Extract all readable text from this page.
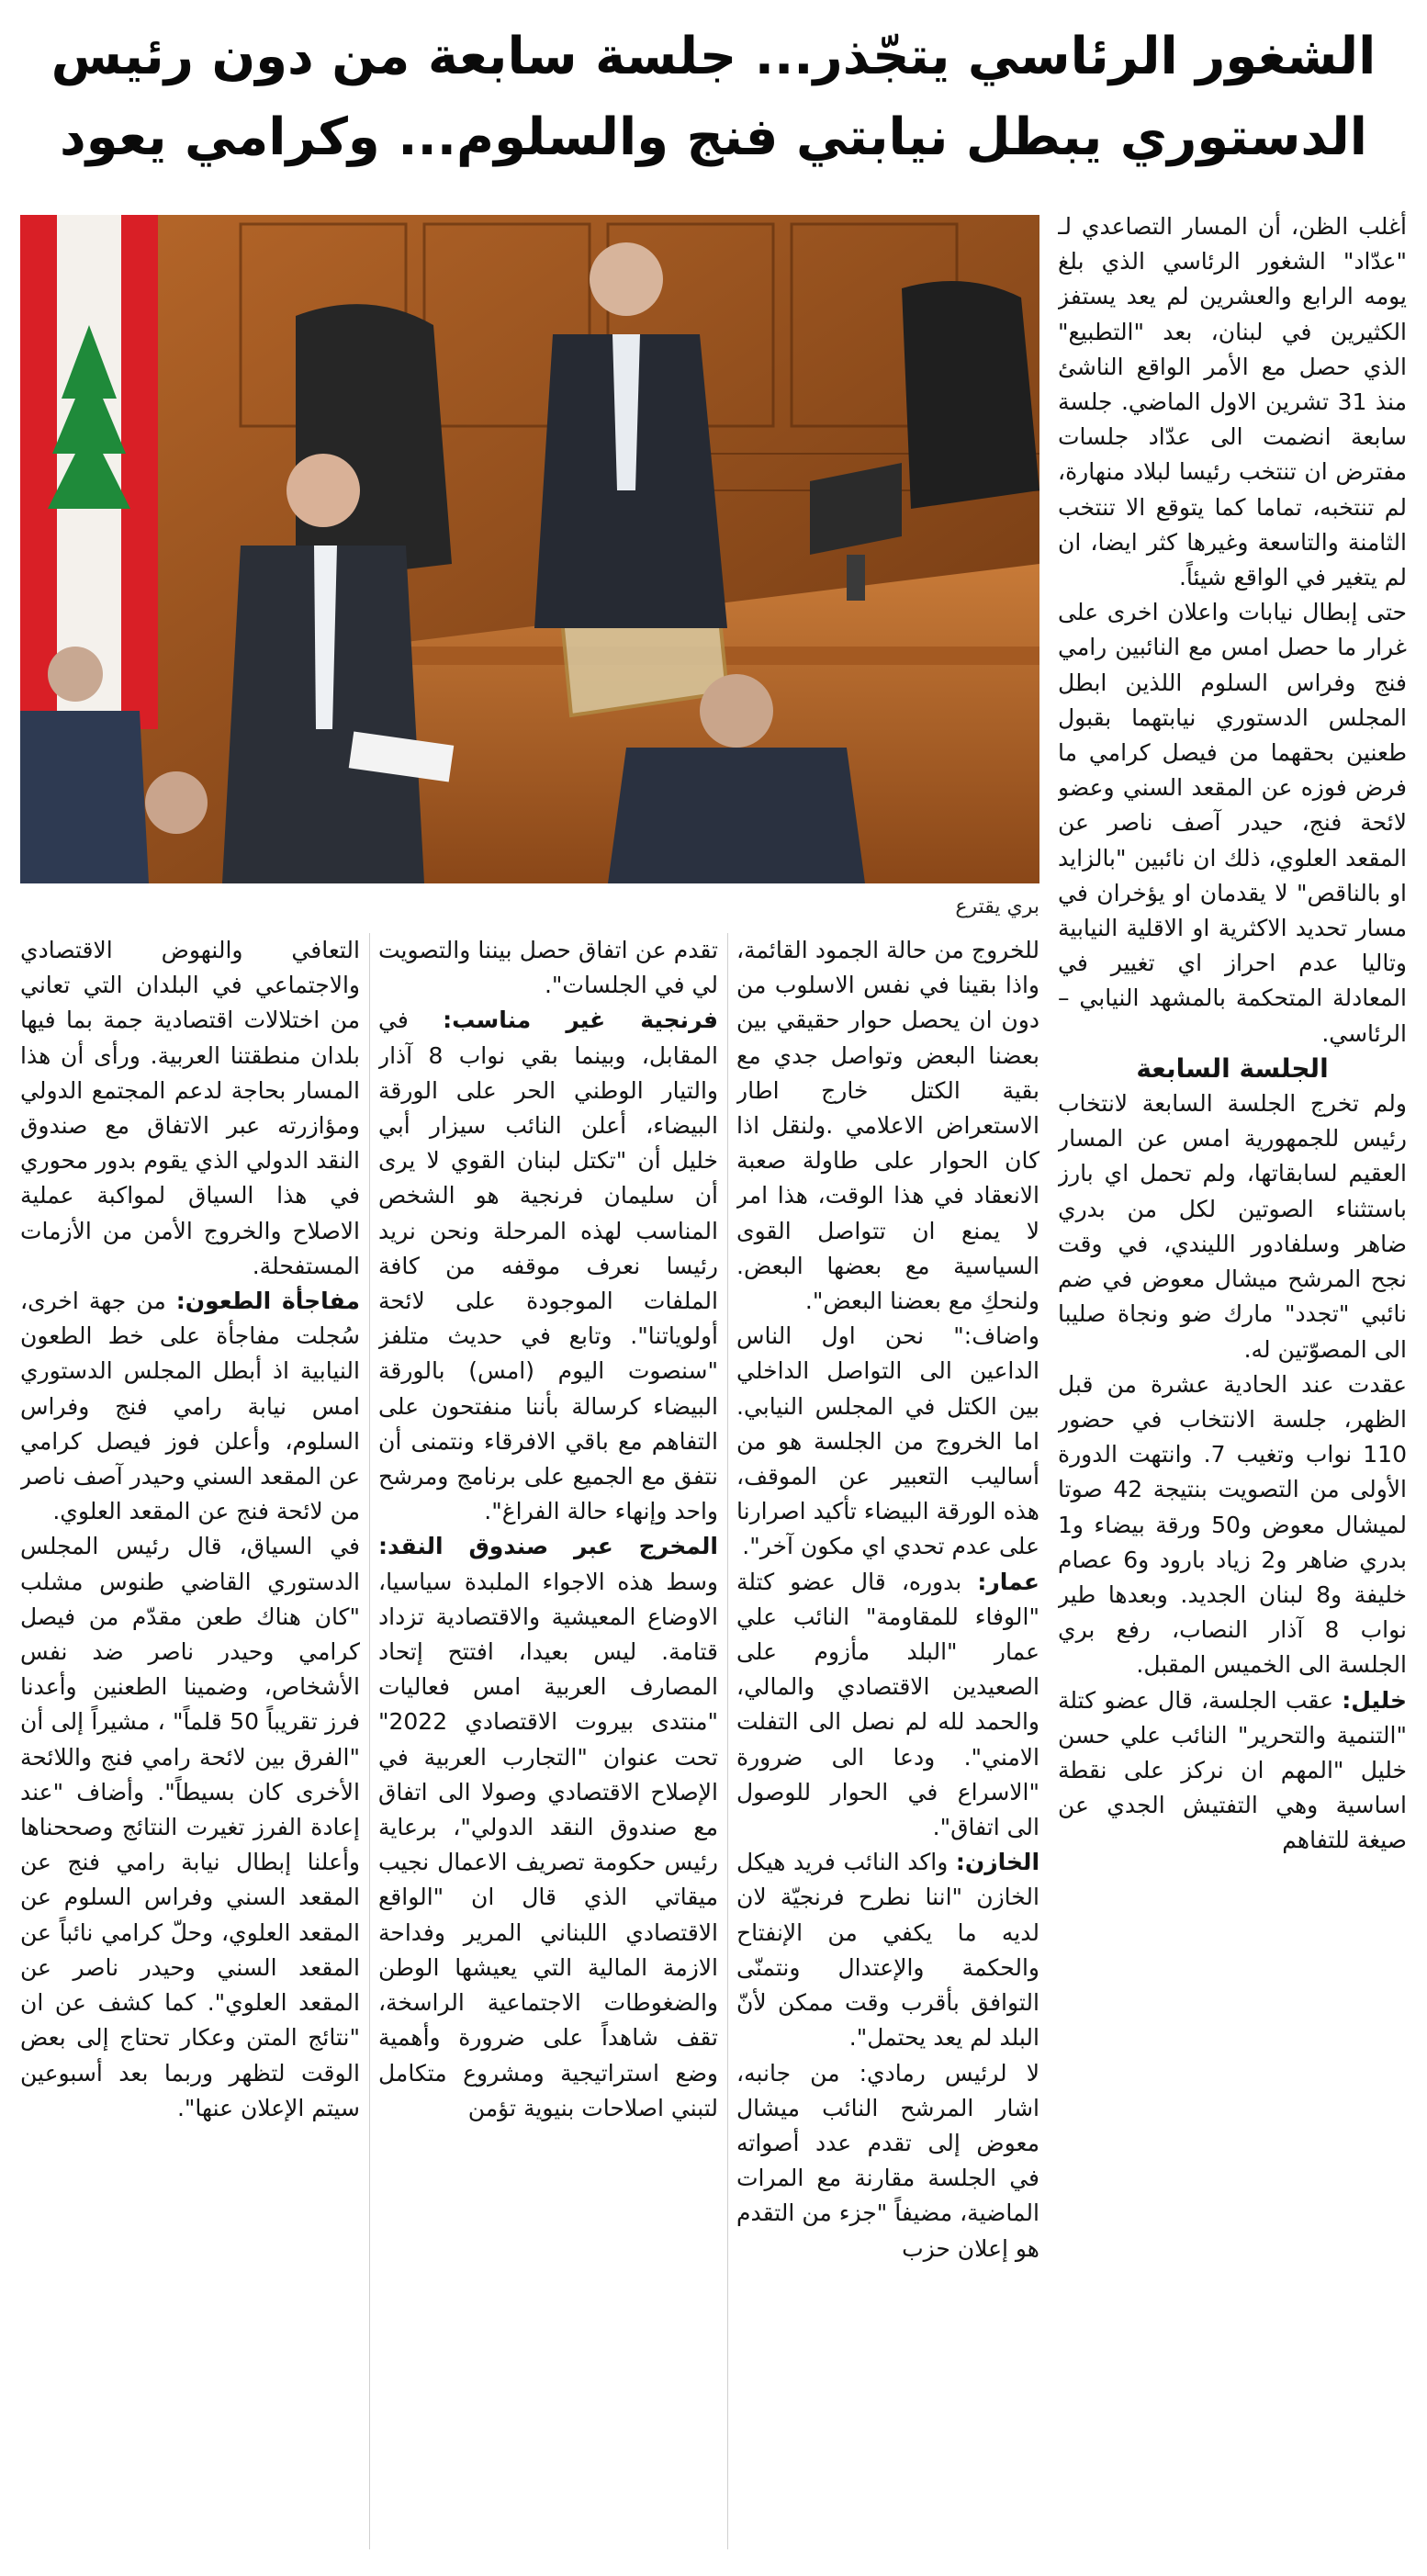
الشغور الرئاسي يتجّذر... جلسة سابعة من دون رئيس
الدستوري يبطل نيابتي فنج والسلوم... وكرامي يعود
بري يقترع

أغلب الظن، أن المسار التصاعدي لـ "عدّاد" الشغور الرئاسي الذي بلغ يومه الرابع والعشرين لم يعد يستفز الكثيرين في لبنان، بعد "التطبيع" الذي حصل مع الأمر الواقع الناشئ منذ 31 تشرين الاول الماضي. جلسة سابعة انضمت الى عدّاد جلسات مفترض ان تنتخب رئيسا لبلاد منهارة، لم تنتخبه، تماما كما يتوقع الا تنتخب الثامنة والتاسعة وغيرها كثر ايضا، ان لم يتغير في الواقع شيئاً.

حتى إبطال نيابات واعلان اخرى على غرار ما حصل امس مع النائبين رامي فنج وفراس السلوم اللذين ابطل المجلس الدستوري نيابتهما بقبول طعنين بحقهما من فيصل كرامي ما فرض فوزه عن المقعد السني وعضو لائحة فنج، حيدر آصف ناصر عن المقعد العلوي، ذلك ان نائبين "بالزايد او بالناقص" لا يقدمان او يؤخران في مسار تحديد الاكثرية او الاقلية النيابية وتاليا عدم احراز اي تغيير في المعادلة المتحكمة بالمشهد النيابي – الرئاسي.

الجلسة السابعة

ولم تخرج الجلسة السابعة لانتخاب رئيس للجمهورية امس عن المسار العقيم لسابقاتها، ولم تحمل اي بارز باستثناء الصوتين لكل من بدري ضاهر وسلفادور الليندي، في وقت نجح المرشح ميشال معوض في ضم نائبي "تجدد" مارك ضو ونجاة صليبا الى المصوّتين له.

عقدت عند الحادية عشرة من قبل الظهر، جلسة الانتخاب في حضور 110 نواب وتغيب 7. وانتهت الدورة الأولى من التصويت بنتيجة 42 صوتا لميشال معوض و50 ورقة بيضاء و1 بدري ضاهر و2 زياد بارود و6 عصام خليفة و8 لبنان الجديد. وبعدها طير نواب 8 آذار النصاب، رفع بري الجلسة الى الخميس المقبل.

خليل: عقب الجلسة، قال عضو كتلة "التنمية والتحرير" النائب علي حسن خليل "المهم ان نركز على نقطة اساسية وهي التفتيش الجدي عن صيغة للتفاهم

للخروج من حالة الجمود القائمة، واذا بقينا في نفس الاسلوب من دون ان يحصل حوار حقيقي بين بعضنا البعض وتواصل جدي مع بقية الكتل خارج اطار الاستعراض الاعلامي .ولنقل اذا كان الحوار على طاولة صعبة الانعقاد في هذا الوقت، هذا امر لا يمنع ان تتواصل القوى السياسية مع بعضها البعض. ولنحكِ مع بعضنا البعض".

واضاف:" نحن اول الناس الداعين الى التواصل الداخلي بين الكتل في المجلس النيابي. اما الخروج من الجلسة هو من أساليب التعبير عن الموقف، هذه الورقة البيضاء تأكيد اصرارنا على عدم تحدي اي مكون آخر".

عمار: بدوره، قال عضو كتلة "الوفاء للمقاومة" النائب علي عمار "البلد مأزوم على الصعيدين الاقتصادي والمالي، والحمد لله لم نصل الى التفلت الامني". ودعا الى ضرورة "الاسراع في الحوار للوصول الى اتفاق".

الخازن: واكد النائب فريد هيكل الخازن "اننا نطرح فرنجيّة لان لديه ما يكفي من الإنفتاح والحكمة والإعتدال ونتمنّى التوافق بأقرب وقت ممكن لأنّ البلد لم يعد يحتمل".

لا لرئيس رمادي: من جانبه، اشار المرشح النائب ميشال معوض إلى تقدم عدد أصواته في الجلسة مقارنة مع المرات الماضية، مضيفاً "جزء من التقدم هو إعلان حزب

تقدم عن اتفاق حصل بيننا والتصويت لي في الجلسات".

فرنجية غير مناسب: في المقابل، وبينما بقي نواب 8 آذار والتيار الوطني الحر على الورقة البيضاء، أعلن النائب سيزار أبي خليل أن "تكتل لبنان القوي لا يرى أن سليمان فرنجية هو الشخص المناسب لهذه المرحلة ونحن نريد رئيسا نعرف موقفه من كافة الملفات الموجودة على لائحة أولوياتنا". وتابع في حديث متلفز "سنصوت اليوم (امس) بالورقة البيضاء كرسالة بأننا منفتحون على التفاهم مع باقي الافرقاء ونتمنى أن نتفق مع الجميع على برنامج ومرشح واحد وإنهاء حالة الفراغ".

المخرج عبر صندوق النقد: وسط هذه الاجواء الملبدة سياسيا، الاوضاع المعيشية والاقتصادية تزداد قتامة. ليس بعيدا، افتتح إتحاد المصارف العربية امس فعاليات "منتدى بيروت الاقتصادي 2022" تحت عنوان "التجارب العربية في الإصلاح الاقتصادي وصولا الى اتفاق مع صندوق النقد الدولي"، برعاية رئيس حكومة تصريف الاعمال نجيب ميقاتي الذي قال ان "الواقع الاقتصادي اللبناني المرير وفداحة الازمة المالية التي يعيشها الوطن والضغوطات الاجتماعية الراسخة، تقف شاهداً على ضرورة وأهمية وضع استراتيجية ومشروع متكامل لتبني اصلاحات بنيوية تؤمن

التعافي والنهوض الاقتصادي والاجتماعي في البلدان التي تعاني من اختلالات اقتصادية جمة بما فيها بلدان منطقتنا العربية. ورأى أن هذا المسار بحاجة لدعم المجتمع الدولي ومؤازرته عبر الاتفاق مع صندوق النقد الدولي الذي يقوم بدور محوري في هذا السياق لمواكبة عملية الاصلاح والخروج الأمن من الأزمات المستفحلة.

مفاجأة الطعون: من جهة اخرى، سُجلت مفاجأة على خط الطعون النيابية اذ أبطل المجلس الدستوري امس نيابة رامي فنج وفراس السلوم، وأعلن فوز فيصل كرامي عن المقعد السني وحيدر آصف ناصر من لائحة فنج عن المقعد العلوي.

في السياق، قال رئيس المجلس الدستوري القاضي طنوس مشلب "كان هناك طعن مقدّم من فيصل كرامي وحيدر ناصر ضد نفس الأشخاص، وضمينا الطعنين وأعدنا فرز تقريباً 50 قلماً" ، مشيراً إلى أن "الفرق بين لائحة رامي فنج واللائحة الأخرى كان بسيطاً". وأضاف "عند إعادة الفرز تغيرت النتائج وصححناها وأعلنا إبطال نيابة رامي فنج عن المقعد السني وفراس السلوم عن المقعد العلوي، وحلّ كرامي نائباً عن المقعد السني وحيدر ناصر عن المقعد العلوي". كما كشف عن ان "نتائج المتن وعكار تحتاج إلى بعض الوقت لتظهر وربما بعد أسبوعين سيتم الإعلان عنها".
